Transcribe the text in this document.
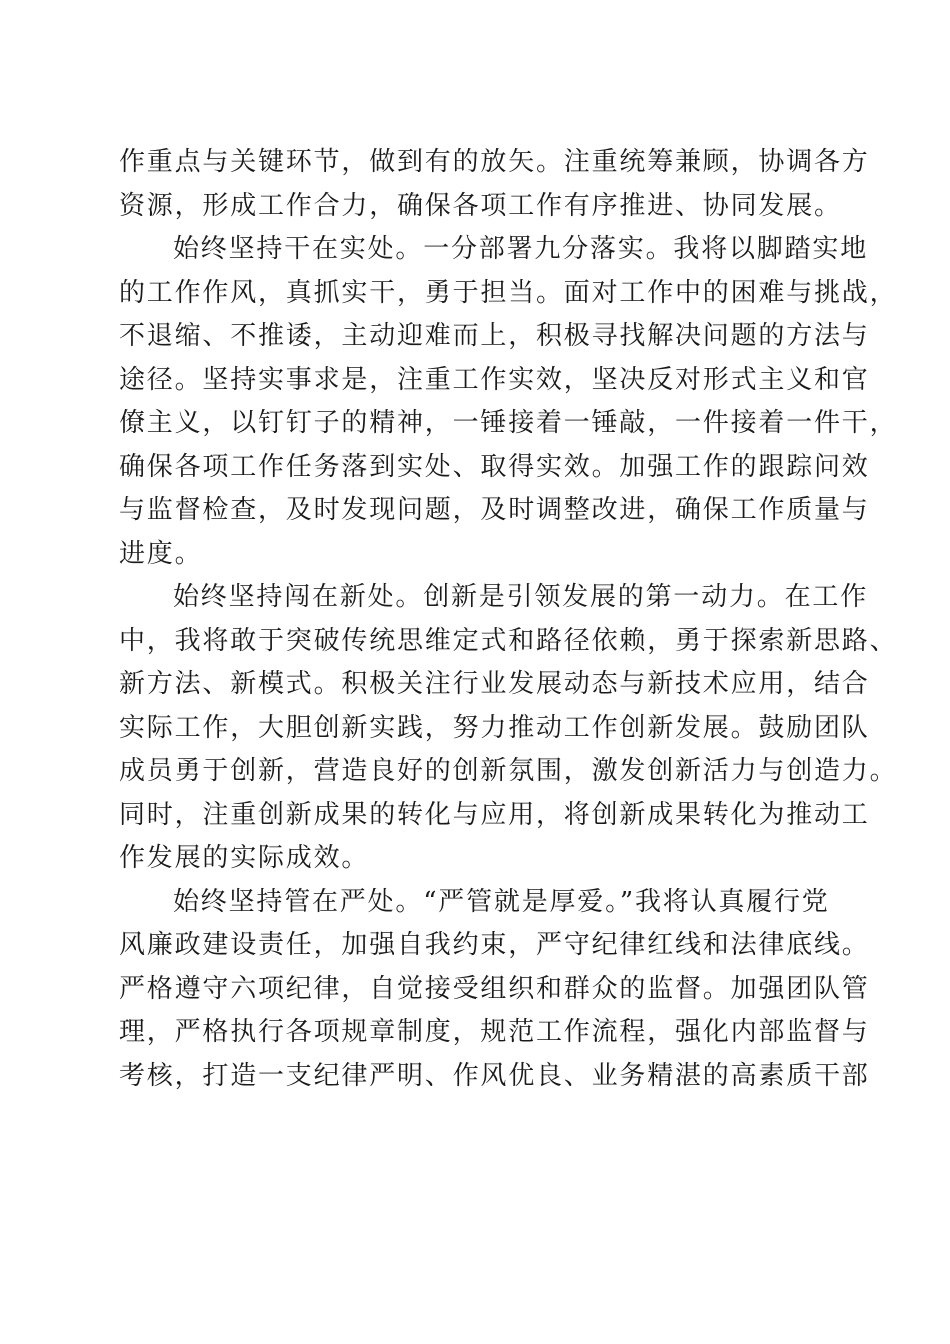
作重点与关键环节，做到有的放矢。注重统筹兼顾，协调各方
资源，形成工作合力，确保各项工作有序推进、协同发展。
始终坚持干在实处。一分部署九分落实。我将以脚踏实地
的工作作风，真抓实干，勇于担当。面对工作中的困难与挑战，
不退缩、不推诿，主动迎难而上，积极寻找解决问题的方法与
途径。坚持实事求是，注重工作实效，坚决反对形式主义和官
僚主义，以钉钉子的精神，一锤接着一锤敲，一件接着一件干，
确保各项工作任务落到实处、取得实效。加强工作的跟踪问效
与监督检查，及时发现问题，及时调整改进，确保工作质量与
进度。
始终坚持闯在新处。创新是引领发展的第一动力。在工作
中，我将敢于突破传统思维定式和路径依赖，勇于探索新思路、
新方法、新模式。积极关注行业发展动态与新技术应用，结合
实际工作，大胆创新实践，努力推动工作创新发展。鼓励团队
成员勇于创新，营造良好的创新氛围，激发创新活力与创造力。
同时，注重创新成果的转化与应用，将创新成果转化为推动工
作发展的实际成效。
始终坚持管在严处。“严管就是厚爱。”我将认真履行党
风廉政建设责任，加强自我约束，严守纪律红线和法律底线。
严格遵守六项纪律，自觉接受组织和群众的监督。加强团队管
理，严格执行各项规章制度，规范工作流程，强化内部监督与
考核，打造一支纪律严明、作风优良、业务精湛的高素质干部
